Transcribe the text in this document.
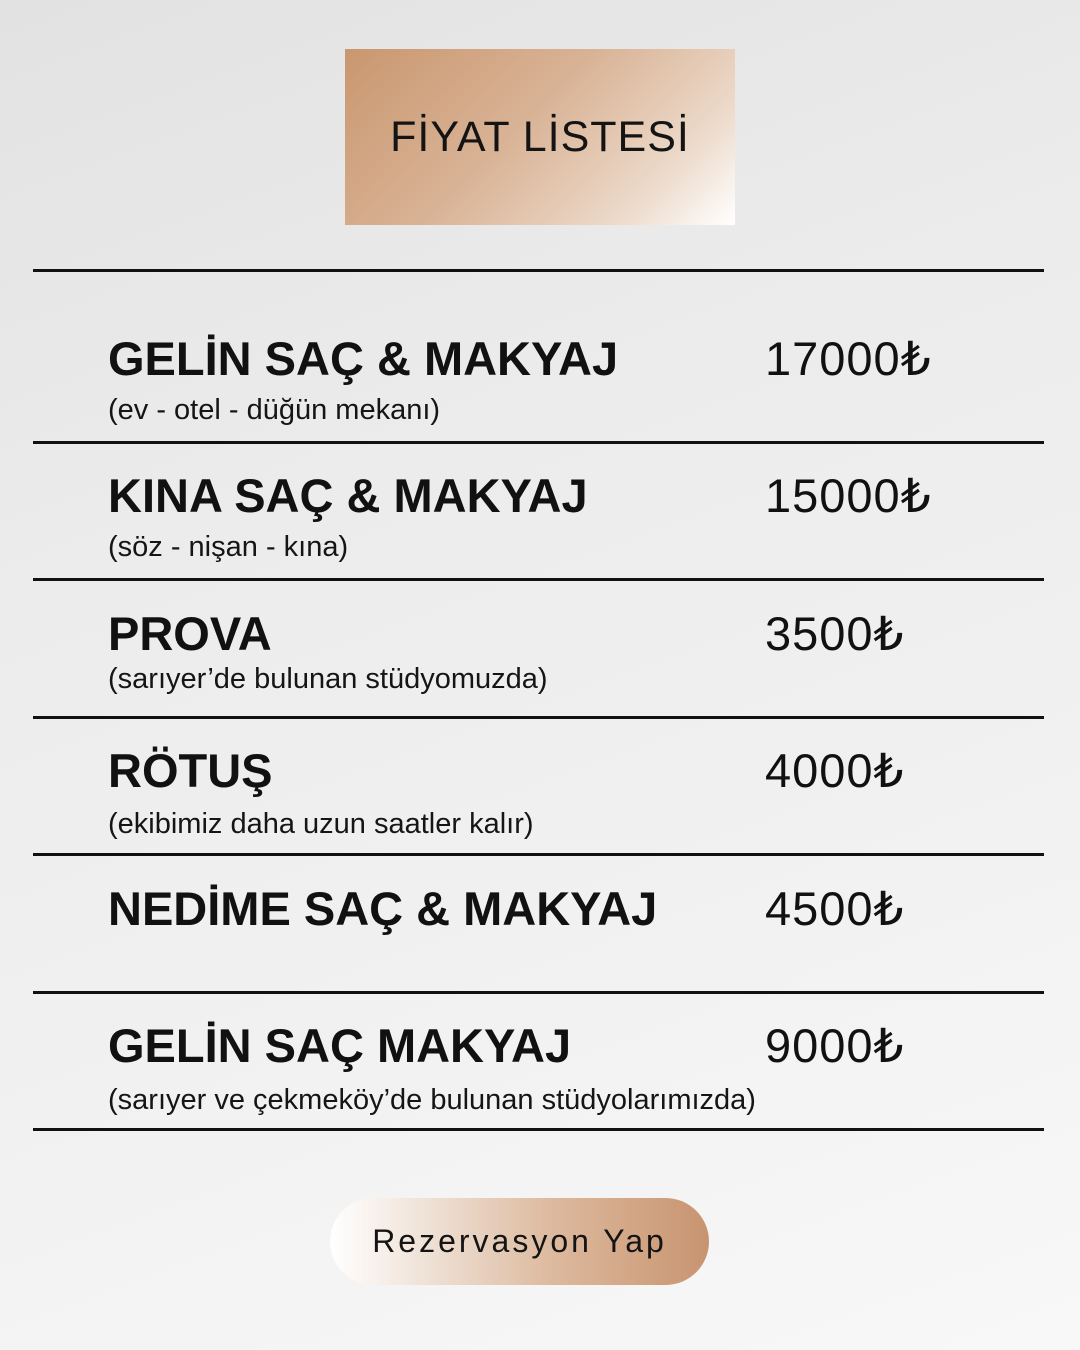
FİYAT LİSTESİ
GELİN SAÇ & MAKYAJ
(ev - otel - düğün mekanı)
17000₺
KINA SAÇ & MAKYAJ
(söz - nişan - kına)
15000₺
PROVA
(sarıyer’de bulunan stüdyomuzda)
3500₺
RÖTUŞ
(ekibimiz daha uzun saatler kalır)
4000₺
NEDİME SAÇ & MAKYAJ 4500₺
GELİN SAÇ MAKYAJ
(sarıyer ve çekmeköy’de bulunan stüdyolarımızda)
9000₺
Rezervasyon Yap
